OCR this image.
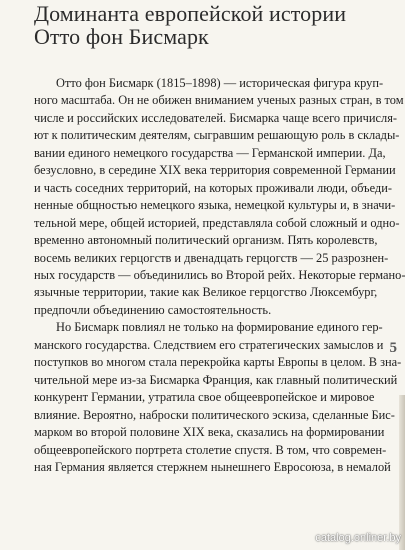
Доминанта европейской истории
Отто фон Бисмарк
Отто фон Бисмарк (1815–1898) — историческая фигура круп-
ного масштаба. Он не обижен вниманием ученых разных стран, в том
числе и российских исследователей. Бисмарка чаще всего причисля-
ют к политическим деятелям, сыгравшим решающую роль в склады-
вании единого немецкого государства — Германской империи. Да,
безусловно, в середине XIX века территория современной Германии
и часть соседних территорий, на которых проживали люди, объеди-
ненные общностью немецкого языка, немецкой культуры и, в значи-
тельной мере, общей историей, представляла собой сложный и одно-
временно автономный политический организм. Пять королевств,
восемь великих герцогств и двенадцать герцогств — 25 разрознен-
ных государств — объединились во Второй рейх. Некоторые германо-
язычные территории, такие как Великое герцогство Люксембург,
предпочли объединению самостоятельность.
Но Бисмарк повлиял не только на формирование единого гер-
манского государства. Следствием его стратегических замыслов и
поступков во многом стала перекройка карты Европы в целом. В зна-
чительной мере из-за Бисмарка Франция, как главный политический
конкурент Германии, утратила свое общеевропейское и мировое
влияние. Вероятно, наброски политического эскиза, сделанные Бис-
марком во второй половине XIX века, сказались на формировании
общеевропейского портрета столетие спустя. В том, что современ-
ная Германия является стержнем нынешнего Евросоюза, в немалой
5
catalog.onliner.by
